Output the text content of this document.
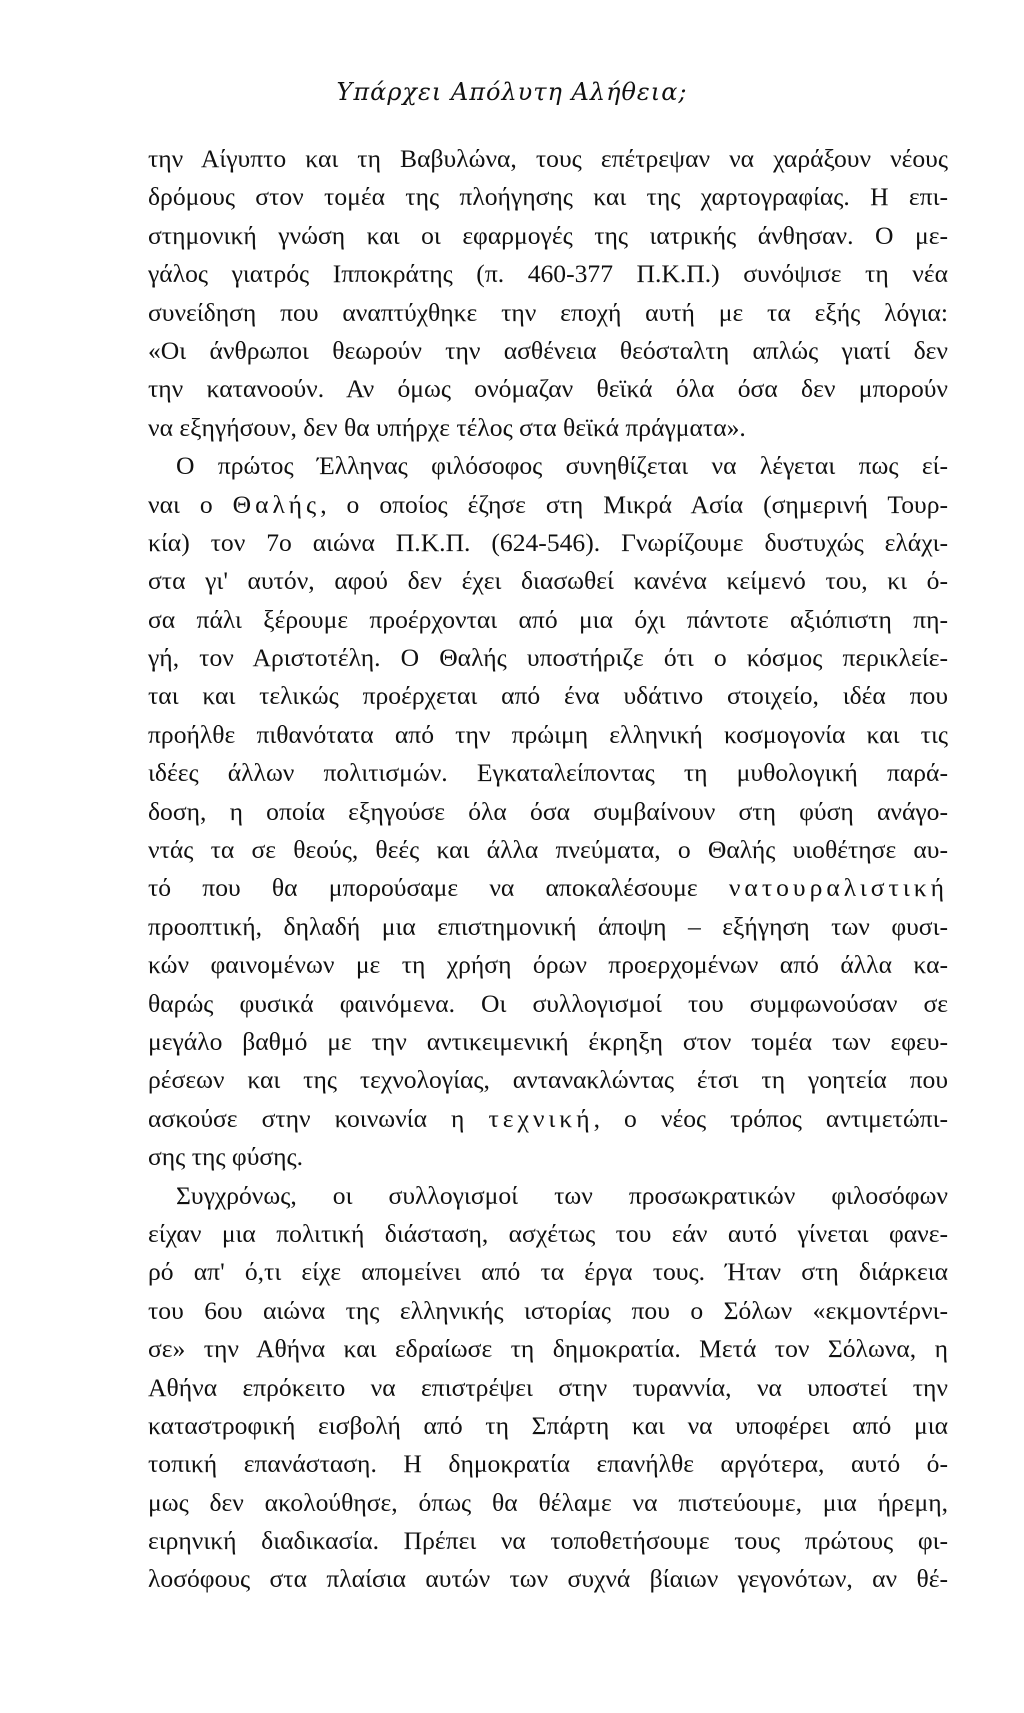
Υπάρχει Απόλυτη Αλήθεια;
την Αίγυπτο και τη Βαβυλώνα, τους επέτρεψαν να χαράξουν νέους
δρόμους στον τομέα της πλοήγησης και της χαρτογραφίας. Η επι-
στημονική γνώση και οι εφαρμογές της ιατρικής άνθησαν. Ο με-
γάλος γιατρός Ιπποκράτης (π. 460-377 Π.Κ.Π.) συνόψισε τη νέα
συνείδηση που αναπτύχθηκε την εποχή αυτή με τα εξής λόγια:
«Οι άνθρωποι θεωρούν την ασθένεια θεόσταλτη απλώς γιατί δεν
την κατανοούν. Αν όμως ονόμαζαν θεϊκά όλα όσα δεν μπορούν
να εξηγήσουν, δεν θα υπήρχε τέλος στα θεϊκά πράγματα».
Ο πρώτος Έλληνας φιλόσοφος συνηθίζεται να λέγεται πως εί-
ναι ο Θαλής, ο οποίος έζησε στη Μικρά Ασία (σημερινή Τουρ-
κία) τον 7ο αιώνα Π.Κ.Π. (624-546). Γνωρίζουμε δυστυχώς ελάχι-
στα γι' αυτόν, αφού δεν έχει διασωθεί κανένα κείμενό του, κι ό-
σα πάλι ξέρουμε προέρχονται από μια όχι πάντοτε αξιόπιστη πη-
γή, τον Αριστοτέλη. Ο Θαλής υποστήριζε ότι ο κόσμος περικλείε-
ται και τελικώς προέρχεται από ένα υδάτινο στοιχείο, ιδέα που
προήλθε πιθανότατα από την πρώιμη ελληνική κοσμογονία και τις
ιδέες άλλων πολιτισμών. Εγκαταλείποντας τη μυθολογική παρά-
δοση, η οποία εξηγούσε όλα όσα συμβαίνουν στη φύση ανάγο-
ντάς τα σε θεούς, θεές και άλλα πνεύματα, ο Θαλής υιοθέτησε αυ-
τό που θα μπορούσαμε να αποκαλέσουμε νατουραλιστική
προοπτική, δηλαδή μια επιστημονική άποψη – εξήγηση των φυσι-
κών φαινομένων με τη χρήση όρων προερχομένων από άλλα κα-
θαρώς φυσικά φαινόμενα. Οι συλλογισμοί του συμφωνούσαν σε
μεγάλο βαθμό με την αντικειμενική έκρηξη στον τομέα των εφευ-
ρέσεων και της τεχνολογίας, αντανακλώντας έτσι τη γοητεία που
ασκούσε στην κοινωνία η τεχνική, ο νέος τρόπος αντιμετώπι-
σης της φύσης.
Συγχρόνως, οι συλλογισμοί των προσωκρατικών φιλοσόφων
είχαν μια πολιτική διάσταση, ασχέτως του εάν αυτό γίνεται φανε-
ρό απ' ό,τι είχε απομείνει από τα έργα τους. Ήταν στη διάρκεια
του 6ου αιώνα της ελληνικής ιστορίας που ο Σόλων «εκμοντέρνι-
σε» την Αθήνα και εδραίωσε τη δημοκρατία. Μετά τον Σόλωνα, η
Αθήνα επρόκειτο να επιστρέψει στην τυραννία, να υποστεί την
καταστροφική εισβολή από τη Σπάρτη και να υποφέρει από μια
τοπική επανάσταση. Η δημοκρατία επανήλθε αργότερα, αυτό ό-
μως δεν ακολούθησε, όπως θα θέλαμε να πιστεύουμε, μια ήρεμη,
ειρηνική διαδικασία. Πρέπει να τοποθετήσουμε τους πρώτους φι-
λοσόφους στα πλαίσια αυτών των συχνά βίαιων γεγονότων, αν θέ-
